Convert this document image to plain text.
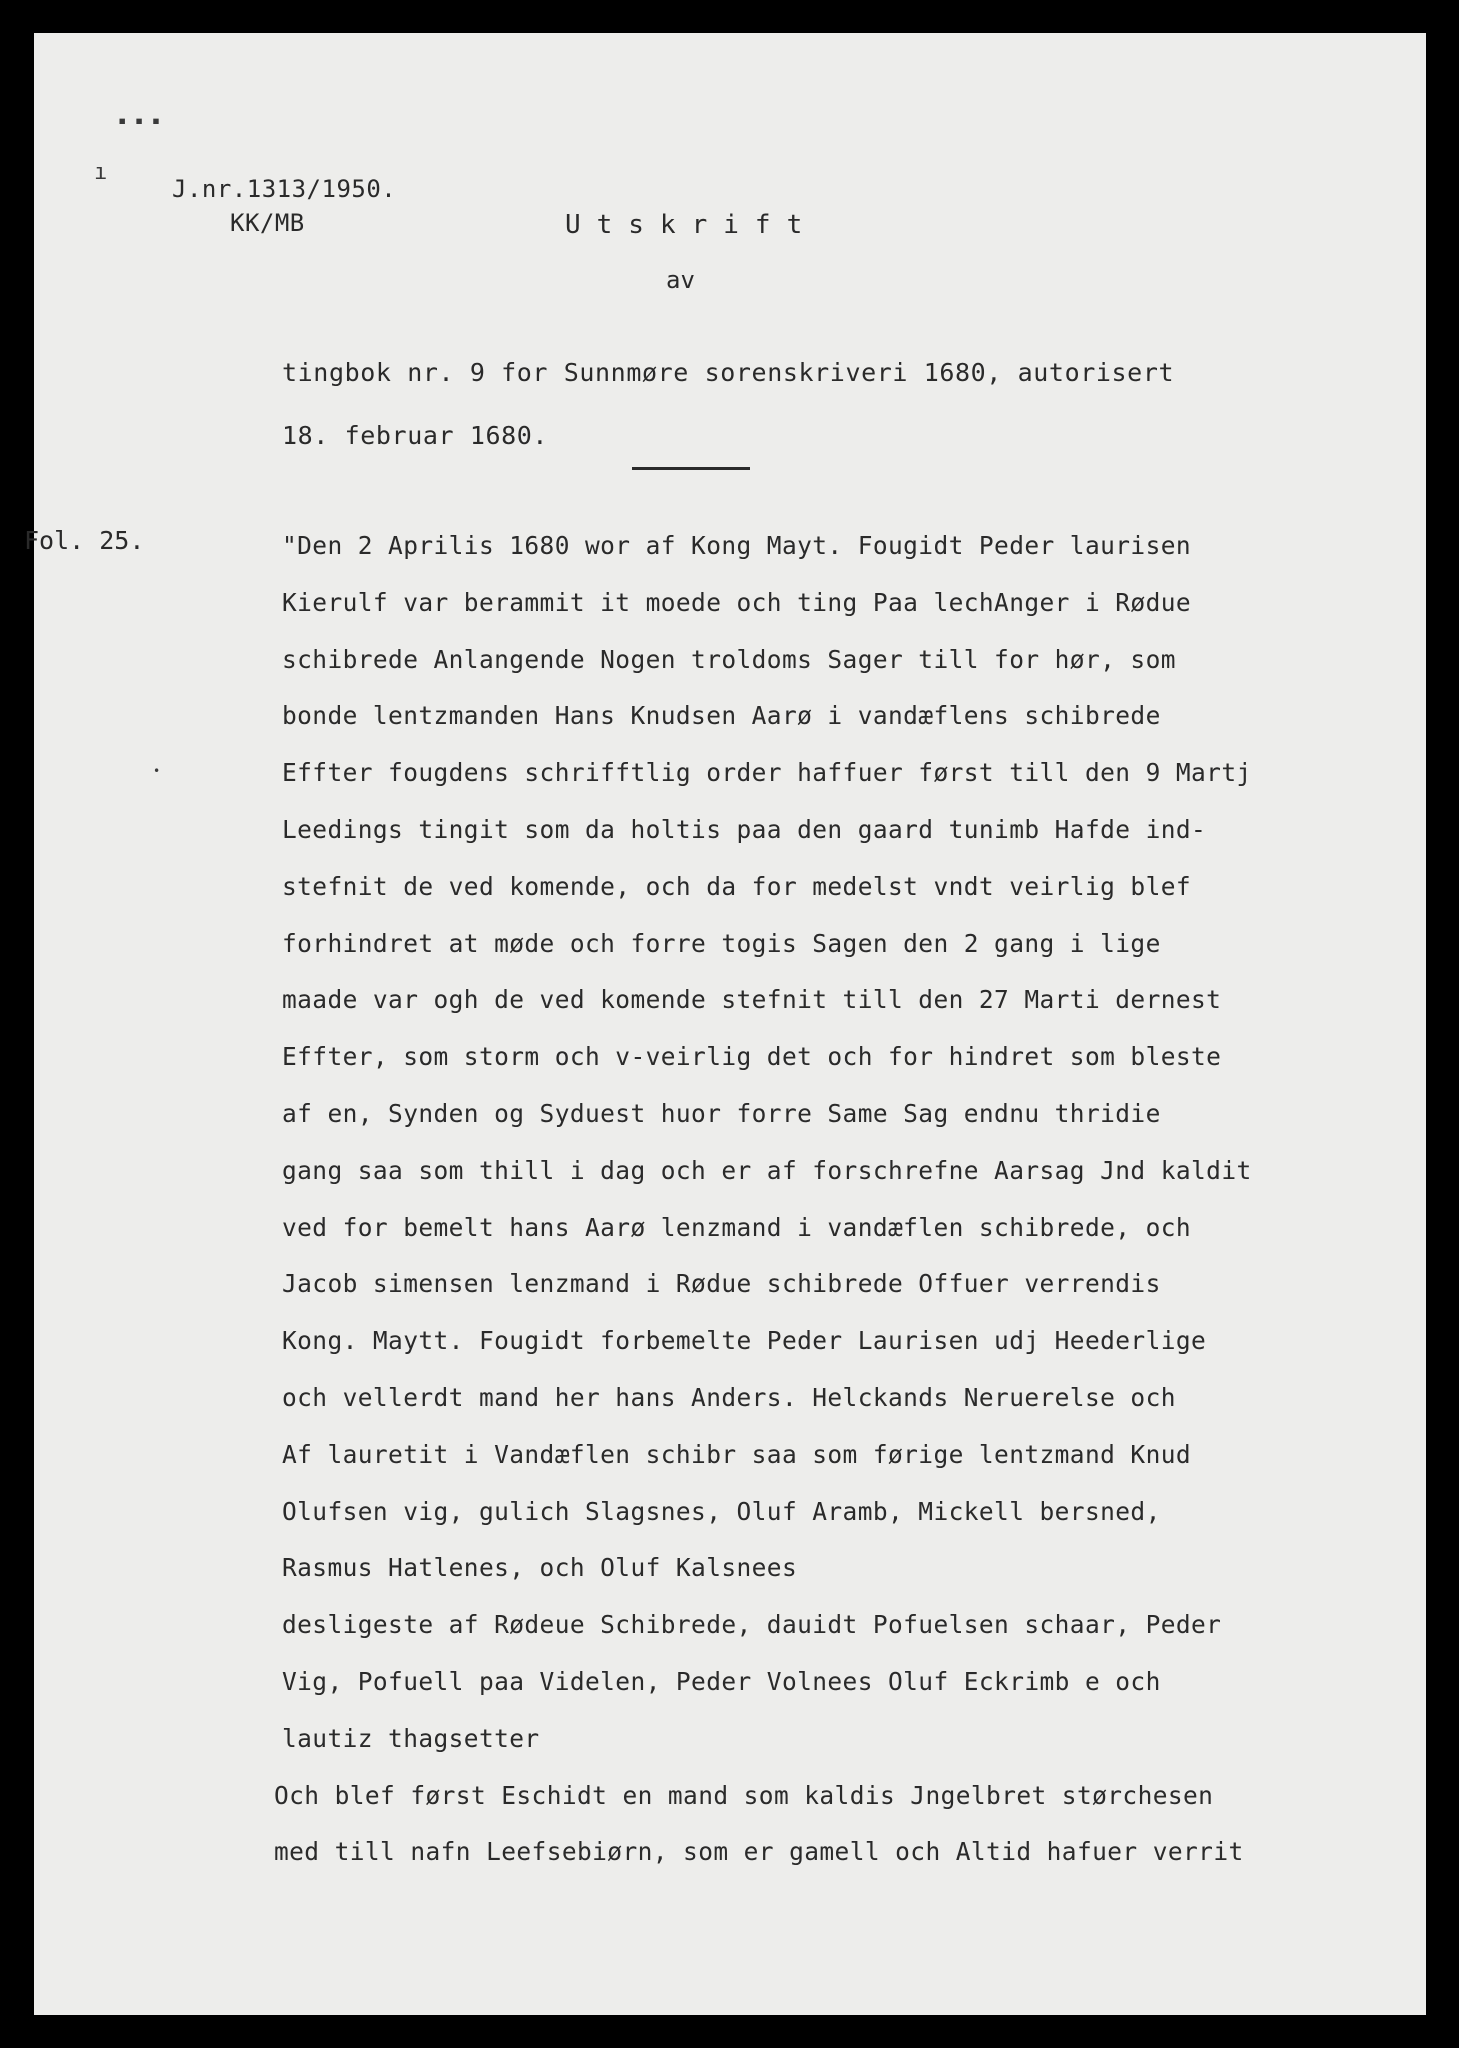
▪ ▪ ▪
ı
•
J.nr.1313/1950.
KK/MB	Utskrift
av
tingbok nr. 9 for Sunnmøre sorenskriveri 1680, autorisert
18. februar 1680.
Fol. 25.	"Den 2 Aprilis 1680 wor af Kong Mayt. Fougidt Peder laurisen
Kierulf var berammit it moede och ting Paa lechAnger i Rødue
schibrede Anlangende Nogen troldoms Sager till for hør, som
bonde lentzmanden Hans Knudsen Aarø i vandæflens schibrede
Effter fougdens schrifftlig order haffuer først till den 9 Martj
Leedings tingit som da holtis paa den gaard tunimb Hafde ind-
stefnit de ved komende, och da for medelst vndt veirlig blef
forhindret at møde och forre togis Sagen den 2 gang i lige
maade var ogh de ved komende stefnit till den 27 Marti dernest
Effter, som storm och v-veirlig det och for hindret som bleste
af en, Synden og Syduest huor forre Same Sag endnu thridie
gang saa som thill i dag och er af forschrefne Aarsag Jnd kaldit
ved for bemelt hans Aarø lenzmand i vandæflen schibrede, och
Jacob simensen lenzmand i Rødue schibrede Offuer verrendis
Kong. Maytt. Fougidt forbemelte Peder Laurisen udj Heederlige
och vellerdt mand her hans Anders. Helckands Neruerelse och
Af lauretit i Vandæflen schibr saa som førige lentzmand Knud
Olufsen vig, gulich Slagsnes, Oluf Aramb, Mickell bersned,
Rasmus Hatlenes, och Oluf Kalsnees
desligeste af Rødeue Schibrede, dauidt Pofuelsen schaar, Peder
Vig, Pofuell paa Videlen, Peder Volnees Oluf Eckrimb e och
lautiz thagsetter
Och blef først Eschidt en mand som kaldis Jngelbret størchesen
med till nafn Leefsebiørn, som er gamell och Altid hafuer verrit
